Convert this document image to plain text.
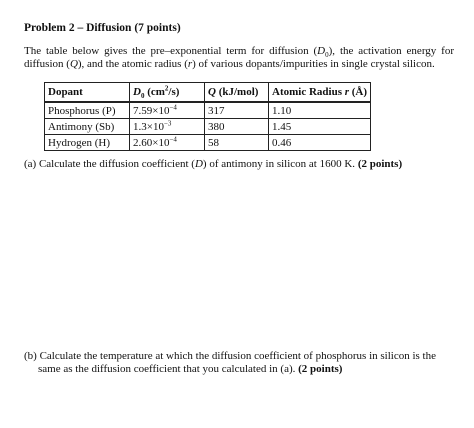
Problem 2 – Diffusion (7 points)
The table below gives the pre–exponential term for diffusion $(D_0)$, the activation energy for diffusion (Q), and the atomic radius (r) of various dopants/impurities in single crystal silicon.
Dopant	$D_0$ $(cm^2/s)$	Q (kJ/mol)	Atomic Radius r (Å)
Phosphorus (P)	$7.59\times 10^{-4}$	317	1.10
Antimony (Sb)	$1.3\times 10^{-3}$	380	1.45
Hydrogen (H)	$2.60\times 10^{-4}$	58	0.46
(a) Calculate the diffusion coefficient (D) of antimony in silicon at 1600 K. (2 points)
(b) Calculate the temperature at which the diffusion coefficient of phosphorus in silicon is the
same as the diffusion coefficient that you calculated in (a). (2 points)
